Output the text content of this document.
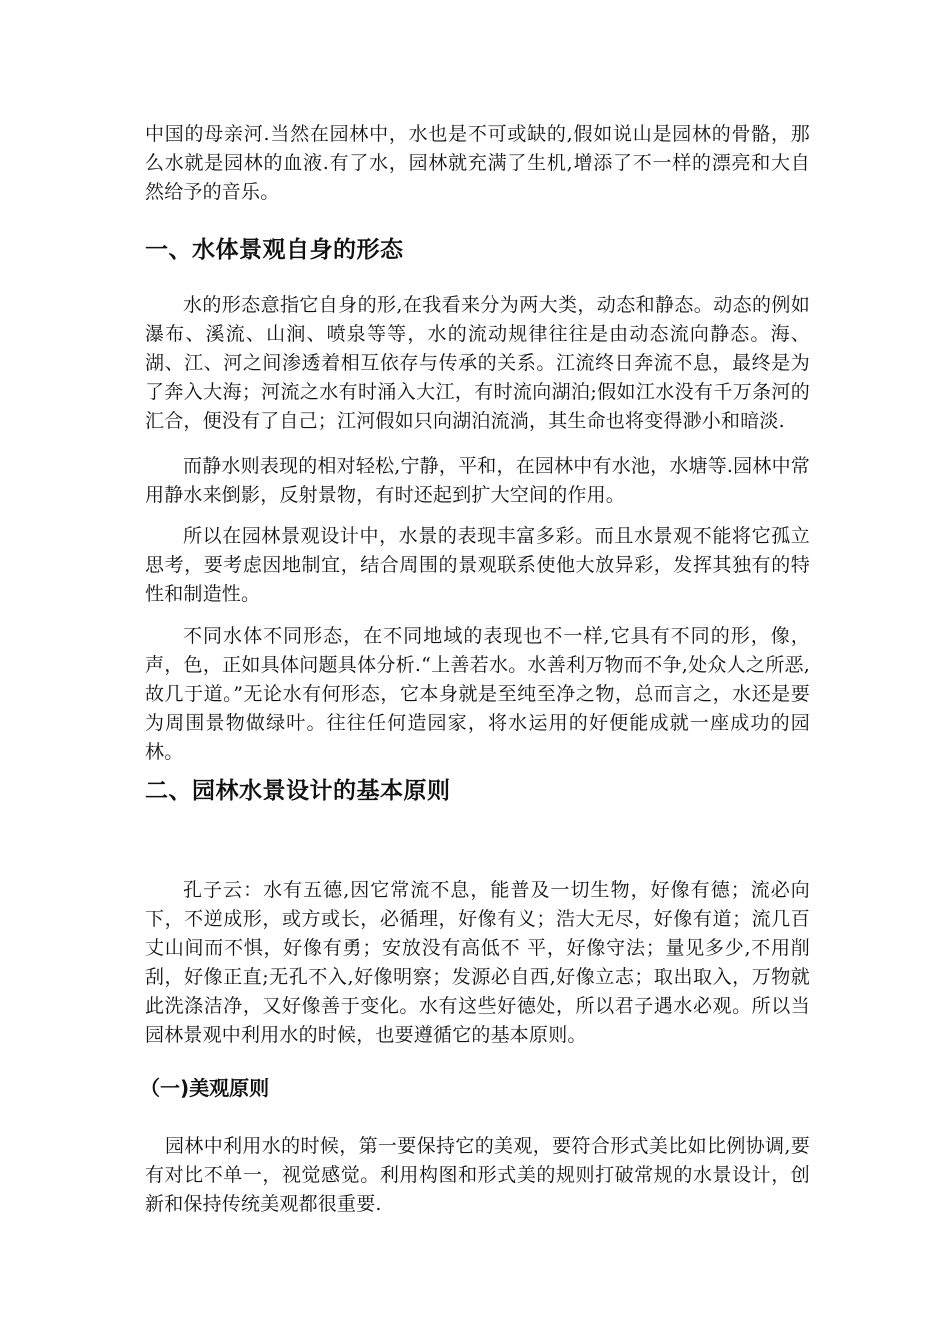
中国的母亲河.当然在园林中，水也是不可或缺的,假如说山是园林的骨骼，那么水就是园林的血液.有了水，园林就充满了生机,增添了不一样的漂亮和大自然给予的音乐。

一、水体景观自身的形态

水的形态意指它自身的形,在我看来分为两大类，动态和静态。动态的例如瀑布、溪流、山涧、喷泉等等，水的流动规律往往是由动态流向静态。海、湖、江、河之间渗透着相互依存与传承的关系。江流终日奔流不息，最终是为了奔入大海；河流之水有时涌入大江，有时流向湖泊;假如江水没有千万条河的汇合，便没有了自己；江河假如只向湖泊流淌，其生命也将变得渺小和暗淡.

而静水则表现的相对轻松,宁静，平和，在园林中有水池，水塘等.园林中常用静水来倒影，反射景物，有时还起到扩大空间的作用。

所以在园林景观设计中，水景的表现丰富多彩。而且水景观不能将它孤立思考，要考虑因地制宜，结合周围的景观联系使他大放异彩，发挥其独有的特性和制造性。

不同水体不同形态，在不同地域的表现也不一样,它具有不同的形，像，声，色，正如具体问题具体分析.“上善若水。水善利万物而不争,处众人之所恶,故几于道。”无论水有何形态，它本身就是至纯至净之物，总而言之，水还是要为周围景物做绿叶。往往任何造园家，将水运用的好便能成就一座成功的园林。

二、园林水景设计的基本原则

孔子云：水有五德,因它常流不息，能普及一切生物，好像有德；流必向下，不逆成形，或方或长，必循理，好像有义；浩大无尽，好像有道；流几百丈山间而不惧，好像有勇；安放没有高低不 平，好像守法；量见多少,不用削刮，好像正直;无孔不入,好像明察；发源必自西,好像立志；取出取入，万物就此洗涤洁净，又好像善于变化。水有这些好德处，所以君子遇水必观。所以当园林景观中利用水的时候，也要遵循它的基本原则。

（一)美观原则

园林中利用水的时候，第一要保持它的美观，要符合形式美比如比例协调,要有对比不单一，视觉感觉。利用构图和形式美的规则打破常规的水景设计，创新和保持传统美观都很重要.
